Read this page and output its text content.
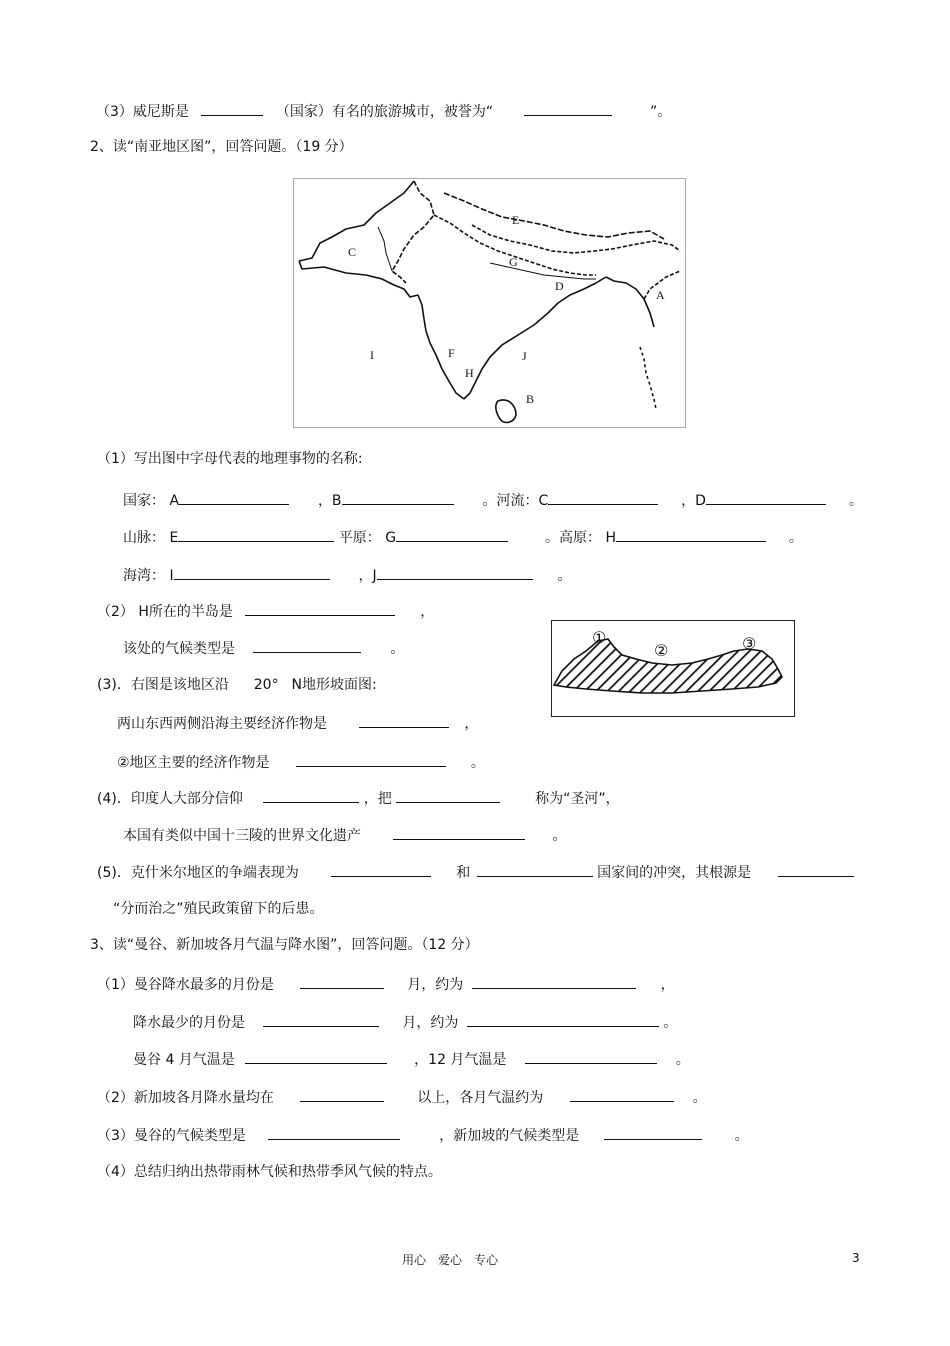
（3）威尼斯是	（国家）有名的旅游城市，被誉为“	”。
2、读“南亚地区图”，回答问题。（19 分）
E
C
G
D
A
I	F	J
H
B
（1）写出图中字母代表的地理事物的名称:
国家： A	，B	。河流：C	，D	。
山脉： E	平原： G	。高原： H	。
海湾： I	，J	。
（2） H所在的半岛是	，
该处的气候类型是	。
①
②	③
(3)．右图是该地区沿 20° N地形坡面图:
两山东西两侧沿海主要经济作物是	，
②地区主要的经济作物是	。
(4)．印度人大部分信仰	，把	称为“圣河”，
本国有类似中国十三陵的世界文化遗产	。
(5)．克什米尔地区的争端表现为	和	国家间的冲突，其根源是
“分而治之”殖民政策留下的后患。
3、读“曼谷、新加坡各月气温与降水图”，回答问题。（12 分）
（1）曼谷降水最多的月份是	月，约为	，
降水最少的月份是	月，约为	。
曼谷 4 月气温是	，12 月气温是	。
（2）新加坡各月降水量均在	以上，各月气温约为	。
（3）曼谷的气候类型是	，新加坡的气候类型是	。
（4）总结归纳出热带雨林气候和热带季风气候的特点。
用心　爱心　专心	3
